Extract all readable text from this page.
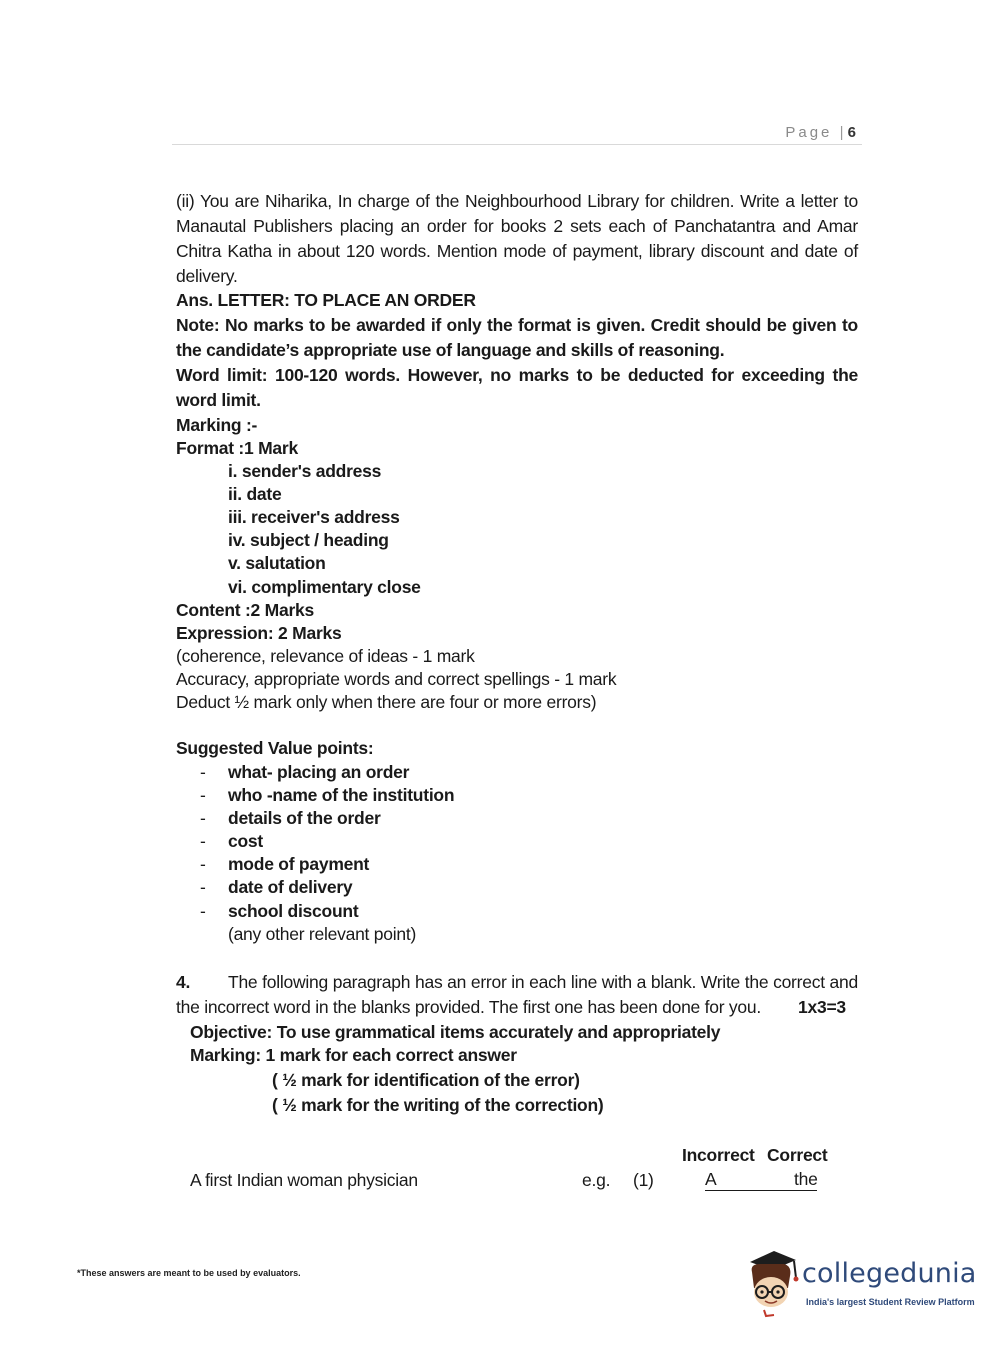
Page | 6
(ii) You are Niharika, In charge of the Neighbourhood Library for children. Write a letter to Manautal Publishers placing an order for books 2 sets each of Panchatantra and Amar Chitra Katha in about 120 words. Mention mode of payment, library discount and date of delivery.
Ans. LETTER: TO PLACE AN ORDER
Note: No marks to be awarded if only the format is given. Credit should be given to the candidate’s appropriate use of language and skills of reasoning.
Word limit: 100-120 words. However, no marks to be deducted for exceeding the word limit.
Marking :-
Format :1 Mark
i. sender's address
ii. date
iii. receiver's address
iv. subject / heading
v. salutation
vi. complimentary close
Content :2 Marks
Expression: 2 Marks
(coherence, relevance of ideas - 1 mark
Accuracy, appropriate words and correct spellings - 1 mark
Deduct ½ mark only when there are four or more errors)
Suggested Value points:
- what- placing an order
- who -name of the institution
- details of the order
- cost
- mode of payment
- date of delivery
- school discount
(any other relevant point)
4. The following paragraph has an error in each line with a blank. Write the correct and
the incorrect word in the blanks provided. The first one has been done for you. 1x3=3
Objective: To use grammatical items accurately and appropriately
Marking: 1 mark for each correct answer
( ½ mark for identification of the error)
( ½ mark for the writing of the correction)
Incorrect Correct
A first Indian woman physician	e.g. (1)	A	the
*These answers are meant to be used by evaluators.	collegedunia
India's largest Student Review Platform
